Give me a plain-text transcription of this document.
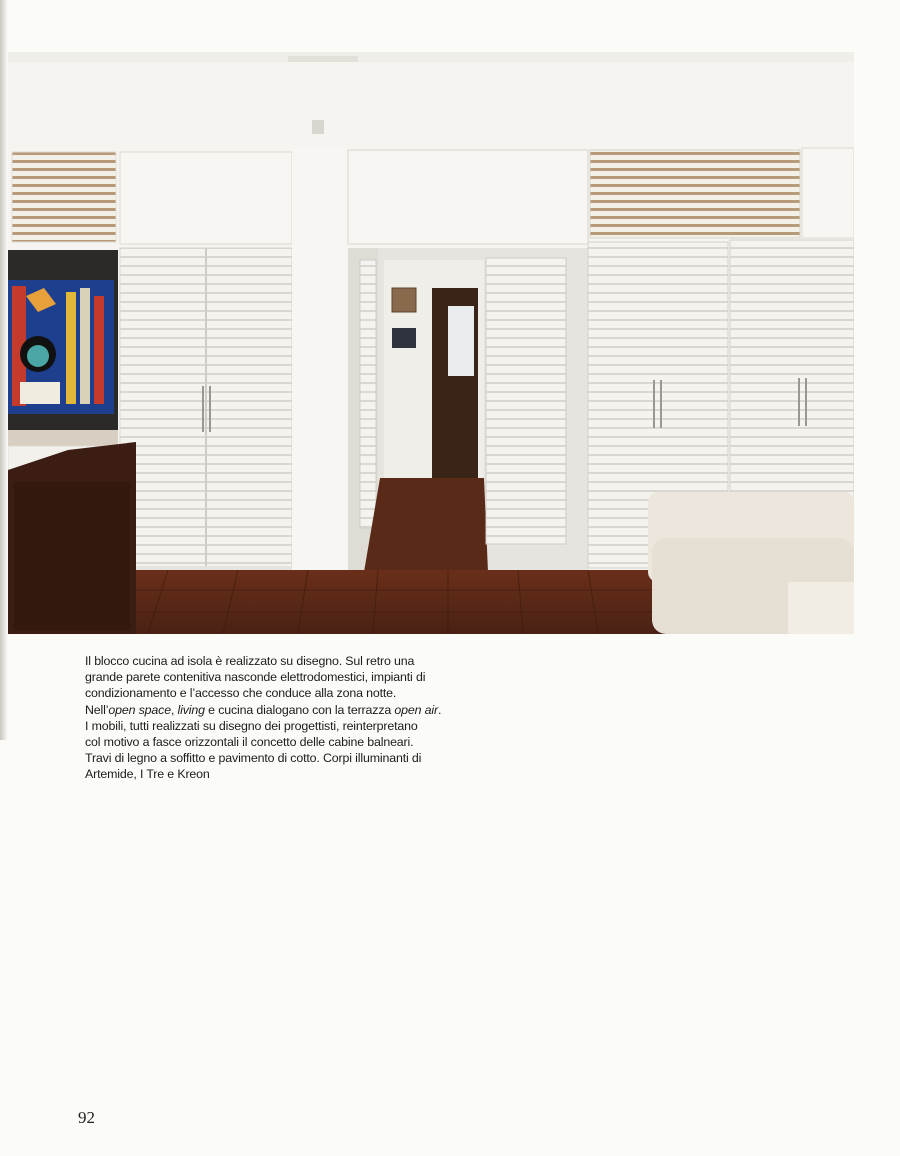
Il blocco cucina ad isola è realizzato su disegno. Sul retro una

grande parete contenitiva nasconde elettrodomestici, impianti di

condizionamento e l’accesso che conduce alla zona notte.

Nell’open space, living e cucina dialogano con la terrazza open air.

I mobili, tutti realizzati su disegno dei progettisti, reinterpretano

col motivo a fasce orizzontali il concetto delle cabine balneari.

Travi di legno a soffitto e pavimento di cotto. Corpi illuminanti di

Artemide, I Tre e Kreon

92
